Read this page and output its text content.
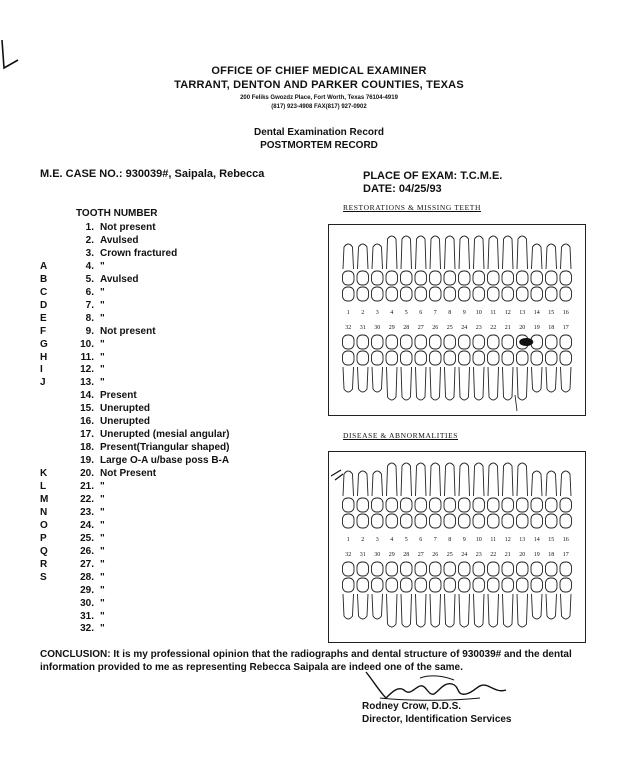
OFFICE OF CHIEF MEDICAL EXAMINER
TARRANT, DENTON AND PARKER COUNTIES, TEXAS
200 Feliks Gwozdz Place, Fort Worth, Texas 76104-4919
(817) 923-4908 FAX(817) 927-0902
Dental Examination Record
POSTMORTEM RECORD
M.E. CASE NO.: 930039#, Saipala, Rebecca	PLACE OF EXAM: T.C.M.E.
DATE: 04/25/93
TOOTH NUMBER
1. Not present
2. Avulsed
3. Crown fractured
A	4. "
B	5. Avulsed
C	6. "
D	7. "
E	8. "
F	9. Not present
G	10. "
H	11. "
I	12. "
J	13. "
14. Present
15. Unerupted
16. Unerupted
17. Unerupted (mesial angular)
18. Present(Triangular shaped)
19. Large O-A u/base poss B-A
K	20. Not Present
L	21. "
M	22. "
N	23. "
O	24. "
P	25. "
Q	26. "
R	27. "
S	28. "
29. "
30. "
31. "
32. "
RESTORATIONS & MISSING TEETH
1
32
2
31
3
30
4
29
5
28
6
27
7
26
8
25
9
24
10
23
11
22
12
21
13
20
14
19
15
18
16
17
DISEASE & ABNORMALITIES
1
32
2
31
3
30
4
29
5
28
6
27
7
26
8
25
9
24
10
23
11
22
12
21
13
20
14
19
15
18
16
17
CONCLUSION: It is my professional opinion that the radiographs and dental structure of 930039# and the dental information provided to me as representing Rebecca Saipala are indeed one of the same.
Rodney Crow, D.D.S.
Director, Identification Services
